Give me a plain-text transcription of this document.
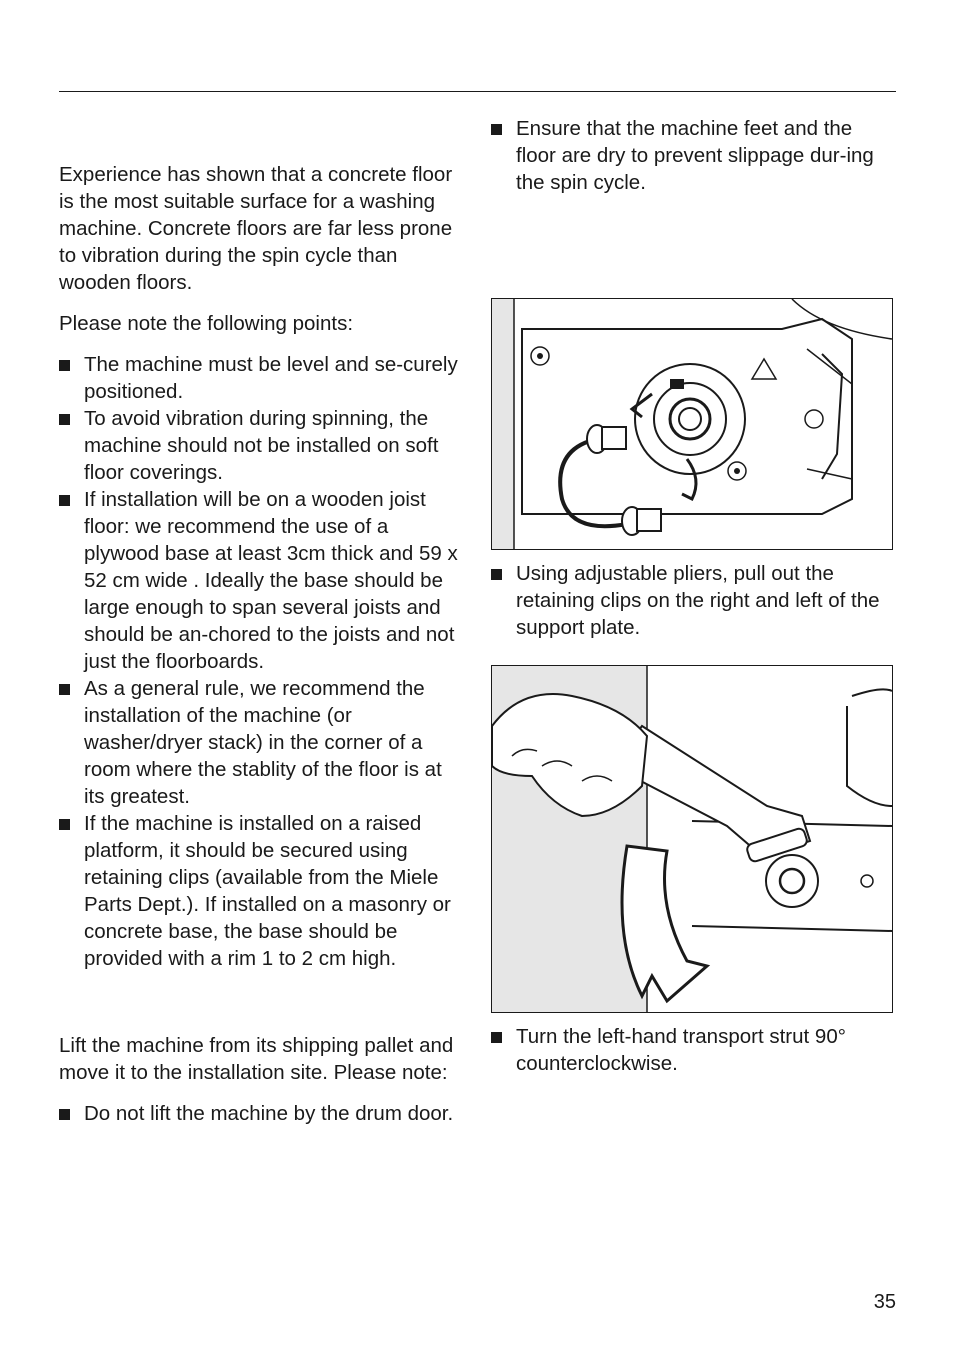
Experience has shown that a concrete floor is the most suitable surface for a washing machine. Concrete floors are far less prone to vibration during the spin cycle than wooden floors.

Please note the following points:

The machine must be level and se-curely positioned.
To avoid vibration during spinning, the machine should not be installed on soft floor coverings.
If installation will be on a wooden joist floor: we recommend the use of a plywood base at least 3cm thick and 59 x 52 cm wide . Ideally the base should be large enough to span several joists and should be an-chored to the joists and not just the floorboards.
As a general rule, we recommend the installation of the machine (or washer/dryer stack) in the corner of a room where the stablity of the floor is at its greatest.
If the machine is installed on a raised platform, it should be secured using retaining clips (available from the Miele Parts Dept.). If installed on a masonry or concrete base, the base should be provided with a rim 1 to 2 cm high.

Lift the machine from its shipping pallet and move it to the installation site. Please note:

Do not lift the machine by the drum door.
Ensure that the machine feet and the floor are dry to prevent slippage dur-ing the spin cycle.
Using adjustable pliers, pull out the retaining clips on the right and left of the support plate.
Turn the left-hand transport strut 90° counterclockwise.
35
